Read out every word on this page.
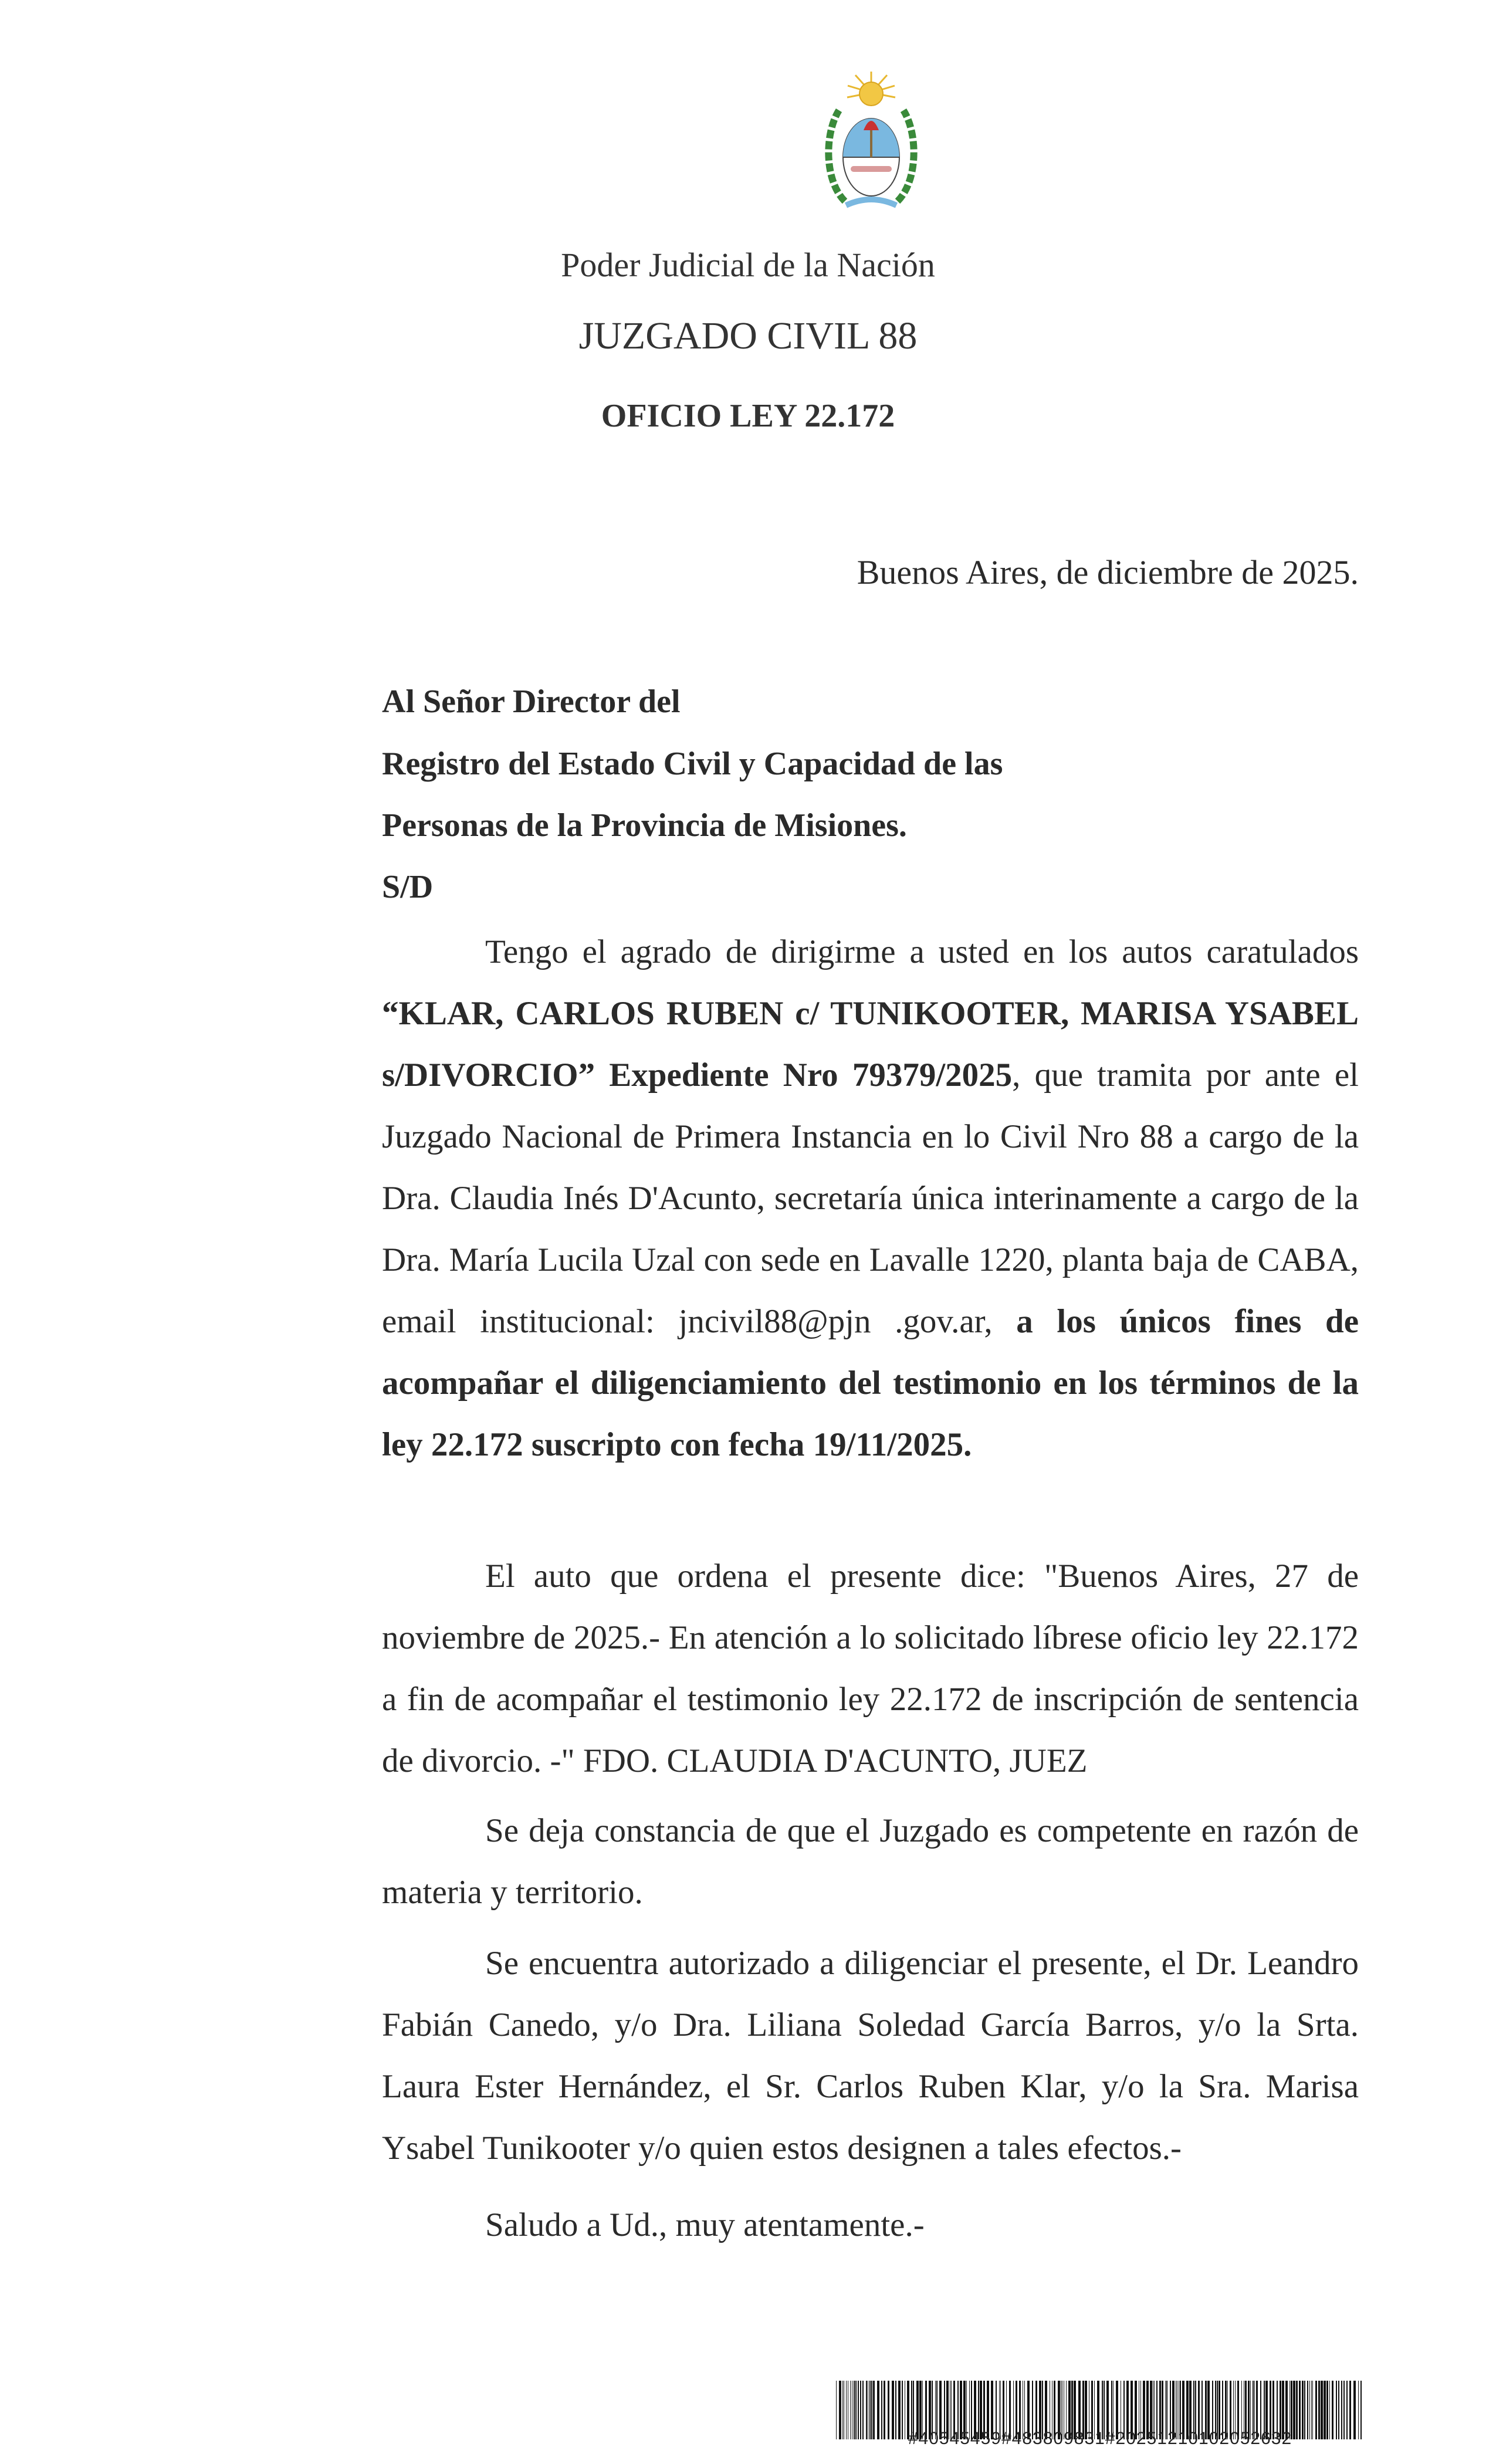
Poder Judicial de la Nación
JUZGADO CIVIL 88
OFICIO LEY 22.172
Buenos Aires, de diciembre de 2025.
Al Señor Director del
Registro del Estado Civil y Capacidad de las
Personas de la Provincia de Misiones.
S/D
Tengo el agrado de dirigirme a usted en los autos caratulados “KLAR, CARLOS RUBEN c/ TUNIKOOTER, MARISA YSABEL s/DIVORCIO” Expediente Nro 79379/2025, que tramita por ante el Juzgado Nacional de Primera Instancia en lo Civil Nro 88 a cargo de la Dra. Claudia Inés D'Acunto, secretaría única interinamente a cargo de la Dra. María Lucila Uzal con sede en Lavalle 1220, planta baja de CABA, email institucional: jncivil88@pjn .gov.ar, a los únicos fines de acompañar el diligenciamiento del testimonio en los términos de la ley 22.172 suscripto con fecha 19/11/2025.
El auto que ordena el presente dice: "Buenos Aires, 27 de noviembre de 2025.- En atención a lo solicitado líbrese oficio ley 22.172 a fin de acompañar el testimonio ley 22.172 de inscripción de sentencia de divorcio. -" FDO. CLAUDIA D'ACUNTO, JUEZ
Se deja constancia de que el Juzgado es competente en razón de materia y territorio.
Se encuentra autorizado a diligenciar el presente, el Dr. Leandro Fabián Canedo, y/o Dra. Liliana Soledad García Barros, y/o la Srta. Laura Ester Hernández, el Sr. Carlos Ruben Klar, y/o la Sra. Marisa Ysabel Tunikooter y/o quien estos designen a tales efectos.-
Saludo a Ud., muy atentamente.-
#40545459#483809831#20251210102052632
